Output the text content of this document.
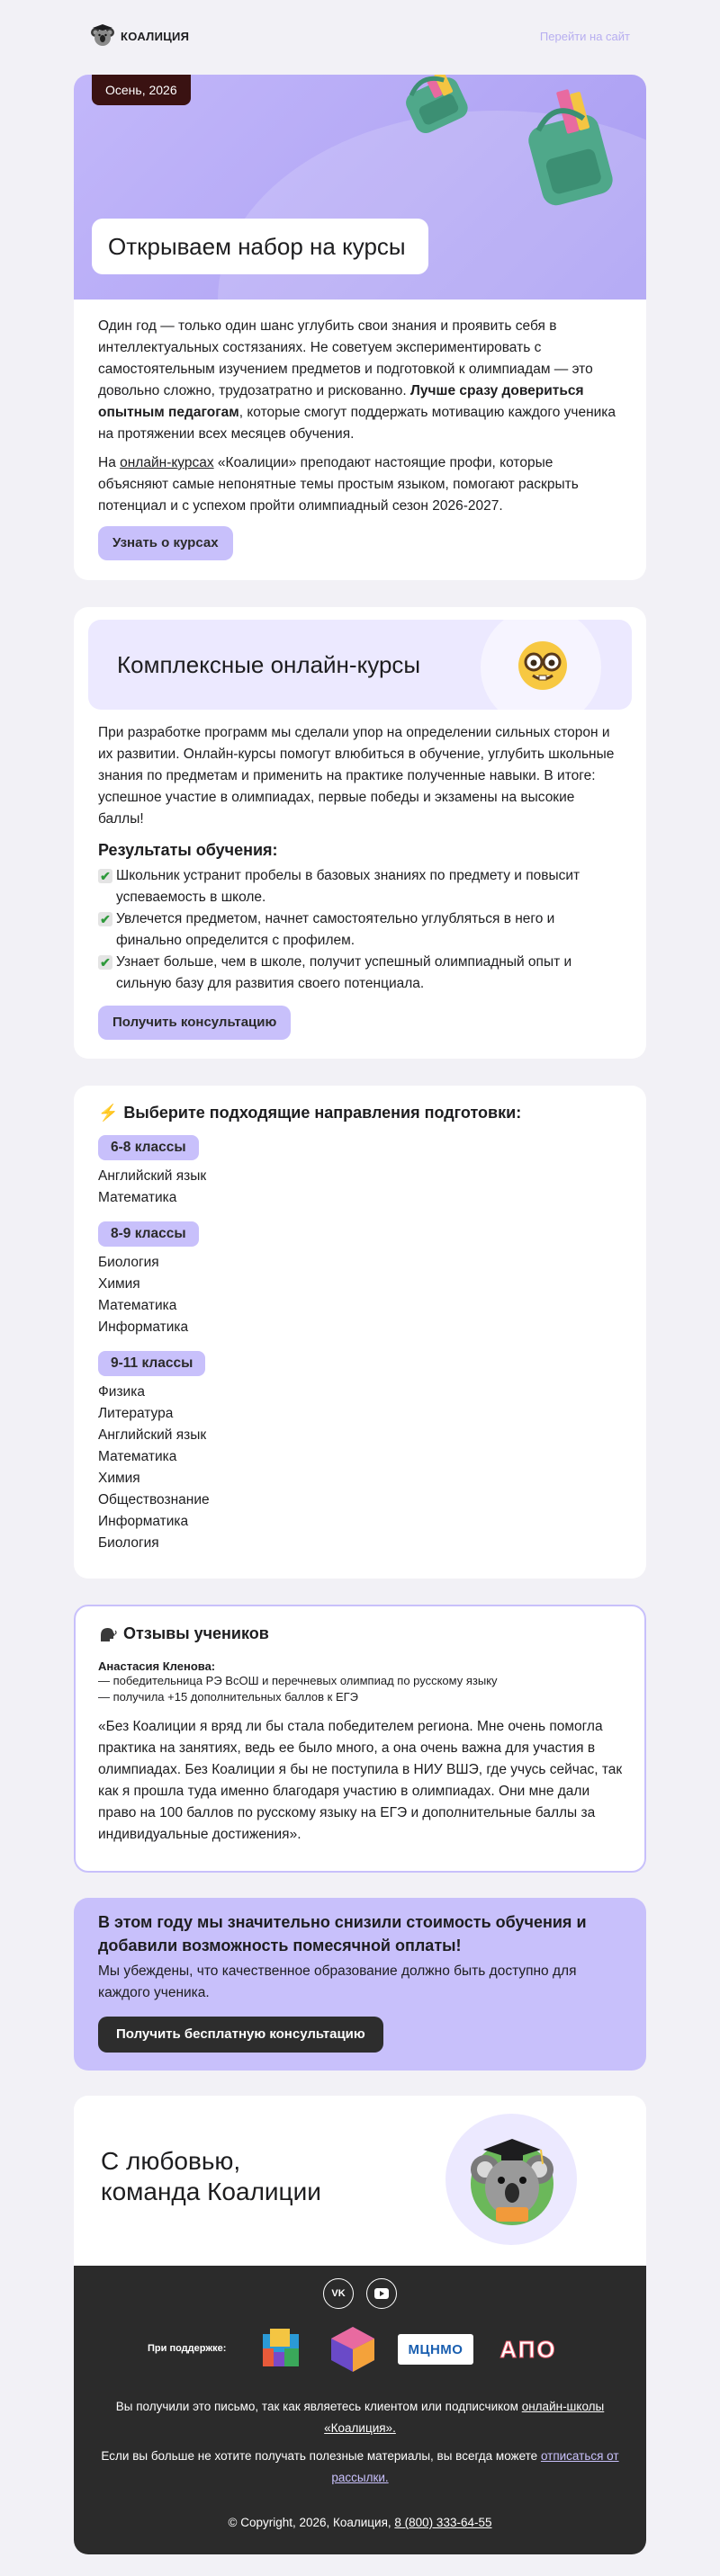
КОАЛИЦИЯ	Перейти на сайт
Осень, 2026
Открываем набор на курсы

Один год — только один шанс углубить свои знания и проявить себя в интеллектуальных состязаниях. Не советуем экспериментировать с самостоятельным изучением предметов и подготовкой к олимпиадам — это довольно сложно, трудозатратно и рискованно. Лучше сразу довериться опытным педагогам, которые смогут поддержать мотивацию каждого ученика на протяжении всех месяцев обучения.

На онлайн-курсах «Коалиции» преподают настоящие профи, которые объясняют самые непонятные темы простым языком, помогают раскрыть потенциал и с успехом пройти олимпиадный сезон 2026-2027.

Узнать о курсах
Комплексные онлайн-курсы

При разработке программ мы сделали упор на определении сильных сторон и их развитии. Онлайн-курсы помогут влюбиться в обучение, углубить школьные знания по предметам и применить на практике полученные навыки. В итоге: успешное участие в олимпиадах, первые победы и экзамены на высокие баллы!

Результаты обучения:
✔ Школьник устранит пробелы в базовых знаниях по предмету и повысит успеваемость в школе.
✔ Увлечется предметом, начнет самостоятельно углубляться в него и финально определится с профилем.
✔ Узнает больше, чем в школе, получит успешный олимпиадный опыт и сильную базу для развития своего потенциала.
Получить консультацию
⚡ Выберите подходящие направления подготовки:
6-8 классы
Английский язык
Математика
8-9 классы
Биология
Химия
Математика
Информатика
9-11 классы
Физика
Литература
Английский язык
Математика
Химия
Обществознание
Информатика
Биология
Отзывы учеников
Анастасия Кленова:
— победительница РЭ ВсОШ и перечневых олимпиад по русскому языку
— получила +15 дополнительных баллов к ЕГЭ

«Без Коалиции я вряд ли бы стала победителем региона. Мне очень помогла практика на занятиях, ведь ее было много, а она очень важна для участия в олимпиадах. Без Коалиции я бы не поступила в НИУ ВШЭ, где учусь сейчас, так как я прошла туда именно благодаря участию в олимпиадах. Они мне дали право на 100 баллов по русскому языку на ЕГЭ и дополнительные баллы за индивидуальные достижения».

В этом году мы значительно снизили стоимость обучения и добавили возможность помесячной оплаты!
Мы убеждены, что качественное образование должно быть доступно для каждого ученика.
Получить бесплатную консультацию
С любовью,
команда Коалиции
VK
При поддержке:	МЦНМО АПО

Вы получили это письмо, так как являетесь клиентом или подписчиком онлайн-школы «Коалиция».

Если вы больше не хотите получать полезные материалы, вы всегда можете отписаться от рассылки.

© Copyright, 2026, Коалиция, 8 (800) 333-64-55
